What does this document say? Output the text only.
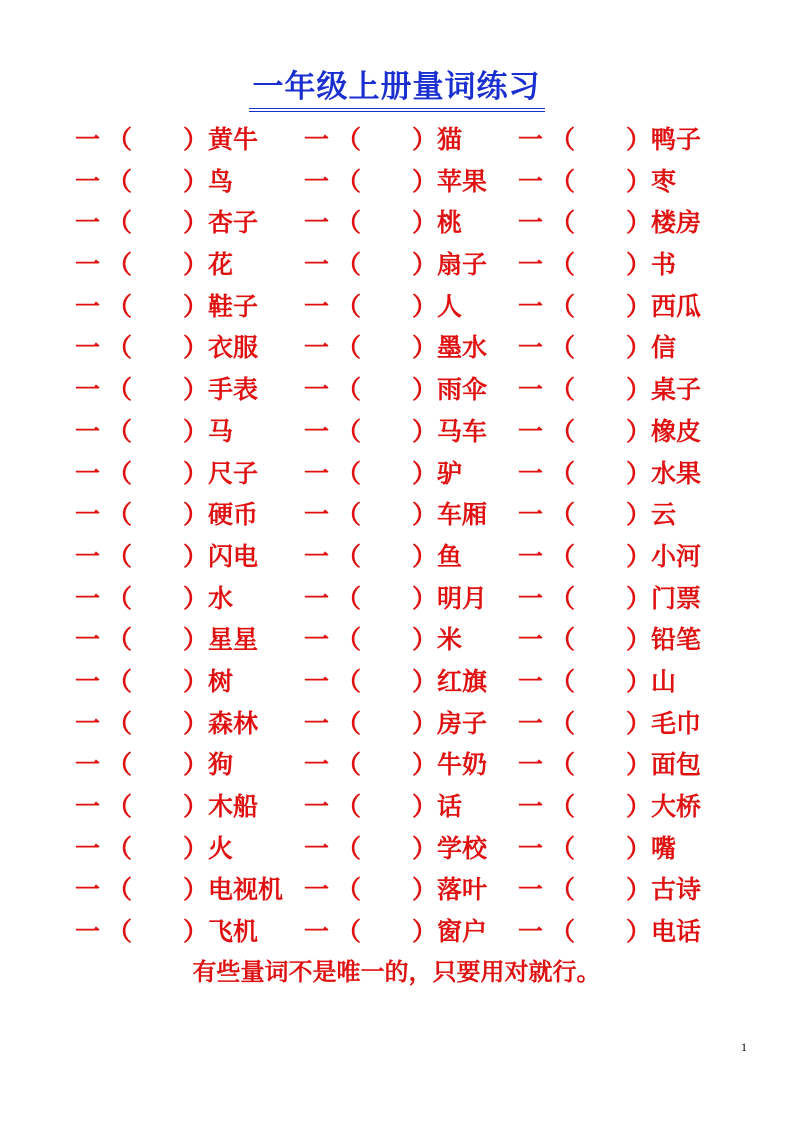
一年级上册量词练习
一 （ ） 黄牛 一 （ ） 猫 一 （ ） 鸭子
一 （ ） 鸟	一 （ ） 苹果 一 （ ） 枣
一 （ ） 杏子 一 （ ） 桃 一 （ ） 楼房
一 （ ） 花	一 （ ） 扇子 一 （ ） 书
一 （ ） 鞋子 一 （ ） 人 一 （ ） 西瓜
一 （ ） 衣服 一 （ ） 墨水 一 （ ） 信
一 （ ） 手表 一 （ ） 雨伞 一 （ ） 桌子
一 （ ） 马	一 （ ） 马车 一 （ ） 橡皮
一 （ ） 尺子 一 （ ） 驴 一 （ ） 水果
一 （ ） 硬币 一 （ ） 车厢 一 （ ） 云
一 （ ） 闪电 一 （ ） 鱼 一 （ ） 小河
一 （ ） 水	一 （ ） 明月 一 （ ） 门票
一 （ ） 星星 一 （ ） 米 一 （ ） 铅笔
一 （ ） 树	一 （ ） 红旗 一 （ ） 山
一 （ ） 森林 一 （ ） 房子 一 （ ） 毛巾
一 （ ） 狗	一 （ ） 牛奶 一 （ ） 面包
一 （ ） 木船 一 （ ） 话 一 （ ） 大桥
一 （ ） 火	一 （ ） 学校 一 （ ） 嘴
一 （ ） 电视机 一 （ ） 落叶 一 （ ） 古诗
一 （ ） 飞机 一 （ ） 窗户 一 （ ） 电话
有些量词不是唯一的，只要用对就行。
1
